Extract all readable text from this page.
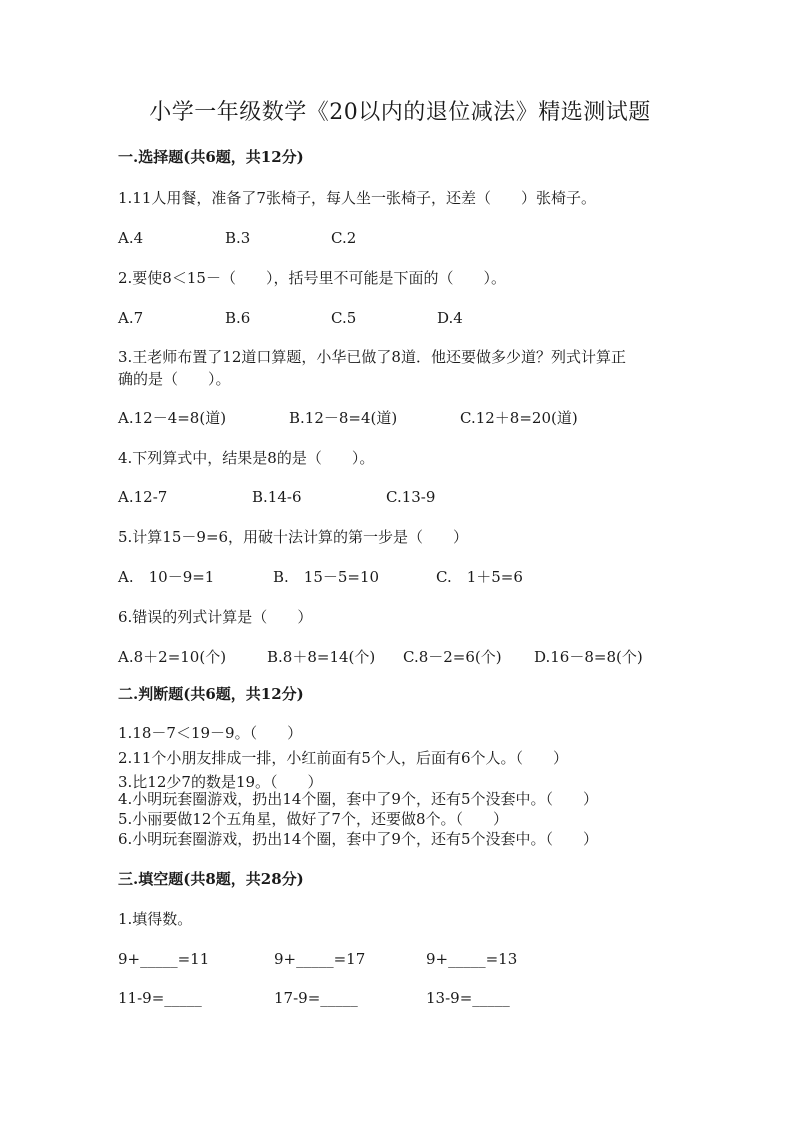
小学一年级数学《20以内的退位减法》精选测试题
一.选择题(共6题，共12分)
1.11人用餐，准备了7张椅子，每人坐一张椅子，还差（　　）张椅子。
A.4	B.3	C.2
2.要使8＜15－（　　），括号里不可能是下面的（　　）。
A.7	B.6	C.5	D.4
3.王老师布置了12道口算题，小华已做了8道．他还要做多少道？列式计算正
确的是（　　）。
A.12－4=8(道)	B.12－8=4(道)	C.12＋8=20(道)
4.下列算式中，结果是8的是（　　）。
A.12-7	B.14-6	C.13-9
5.计算15－9=6，用破十法计算的第一步是（　　）
A.　10－9=1	B.　15－5=10	C.　1＋5=6
6.错误的列式计算是（　　）
A.8＋2=10(个)	B.8＋8=14(个) C.8－2=6(个) D.16－8=8(个)
二.判断题(共6题，共12分)
1.18－7＜19－9。（　　）
2.11个小朋友排成一排，小红前面有5个人，后面有6个人。（　　）
3.比12少7的数是19。（　　）
4.小明玩套圈游戏，扔出14个圈，套中了9个，还有5个没套中。（　　）
5.小丽要做12个五角星，做好了7个，还要做8个。（　　）
6.小明玩套圈游戏，扔出14个圈，套中了9个，还有5个没套中。（　　）
三.填空题(共8题，共28分)
1.填得数。
9+_____=11	9+_____=17	9+_____=13
11-9=_____	17-9=_____	13-9=_____
